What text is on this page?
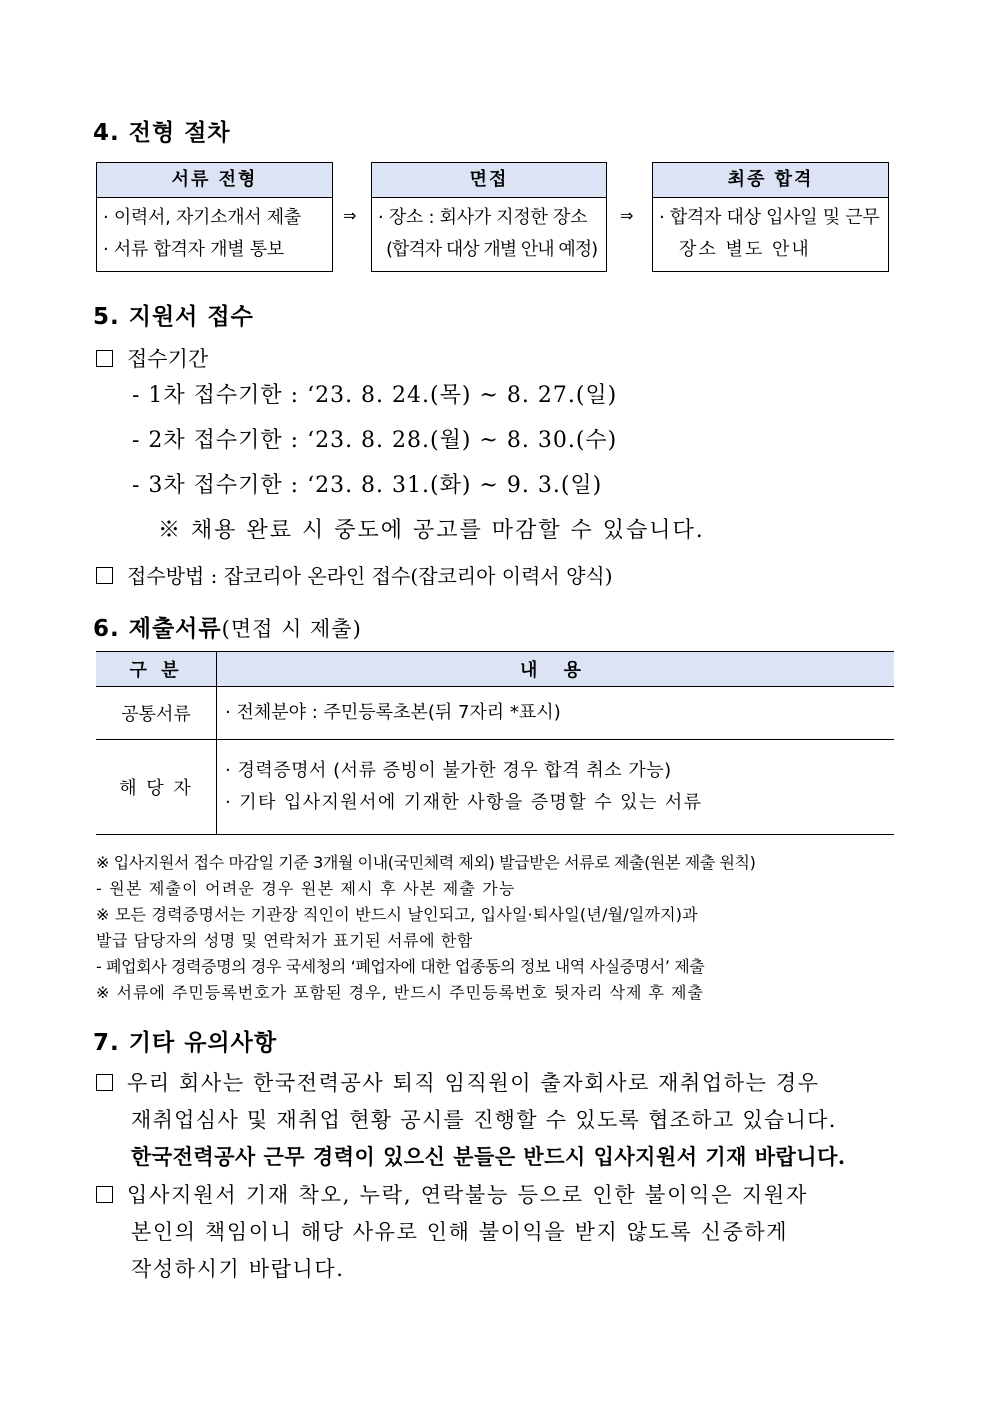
4. 전형 절차
서류 전형
· 이력서, 자기소개서 제출
· 서류 합격자 개별 통보
⇒
면접
· 장소 : 회사가 지정한 장소
(합격자 대상 개별 안내 예정)
⇒
최종 합격
· 합격자 대상 입사일 및 근무
장소 별도 안내
5. 지원서 접수
접수기간
- 1차 접수기한 : ‘23. 8. 24.(목) ~ 8. 27.(일)
- 2차 접수기한 : ‘23. 8. 28.(월) ~ 8. 30.(수)
- 3차 접수기한 : ‘23. 8. 31.(화) ~ 9. 3.(일)
※ 채용 완료 시 중도에 공고를 마감할 수 있습니다.
접수방법 : 잡코리아 온라인 접수(잡코리아 이력서 양식)
6. 제출서류(면접 시 제출)
구 분	내 용
공통서류	· 전체분야 : 주민등록초본(뒤 7자리 *표시)
해 당 자	· 경력증명서 (서류 증빙이 불가한 경우 합격 취소 가능)
· 기타 입사지원서에 기재한 사항을 증명할 수 있는 서류
※ 입사지원서 접수 마감일 기준 3개월 이내(국민체력 제외) 발급받은 서류로 제출(원본 제출 원칙)
- 원본 제출이 어려운 경우 원본 제시 후 사본 제출 가능
※ 모든 경력증명서는 기관장 직인이 반드시 날인되고, 입사일·퇴사일(년/월/일까지)과
발급 담당자의 성명 및 연락처가 표기된 서류에 한함
- 폐업회사 경력증명의 경우 국세청의 ‘폐업자에 대한 업종동의 정보 내역 사실증명서’ 제출
※ 서류에 주민등록번호가 포함된 경우, 반드시 주민등록번호 뒷자리 삭제 후 제출
7. 기타 유의사항
우리 회사는 한국전력공사 퇴직 임직원이 출자회사로 재취업하는 경우
재취업심사 및 재취업 현황 공시를 진행할 수 있도록 협조하고 있습니다.
한국전력공사 근무 경력이 있으신 분들은 반드시 입사지원서 기재 바랍니다.
입사지원서 기재 착오, 누락, 연락불능 등으로 인한 불이익은 지원자
본인의 책임이니 해당 사유로 인해 불이익을 받지 않도록 신중하게
작성하시기 바랍니다.
